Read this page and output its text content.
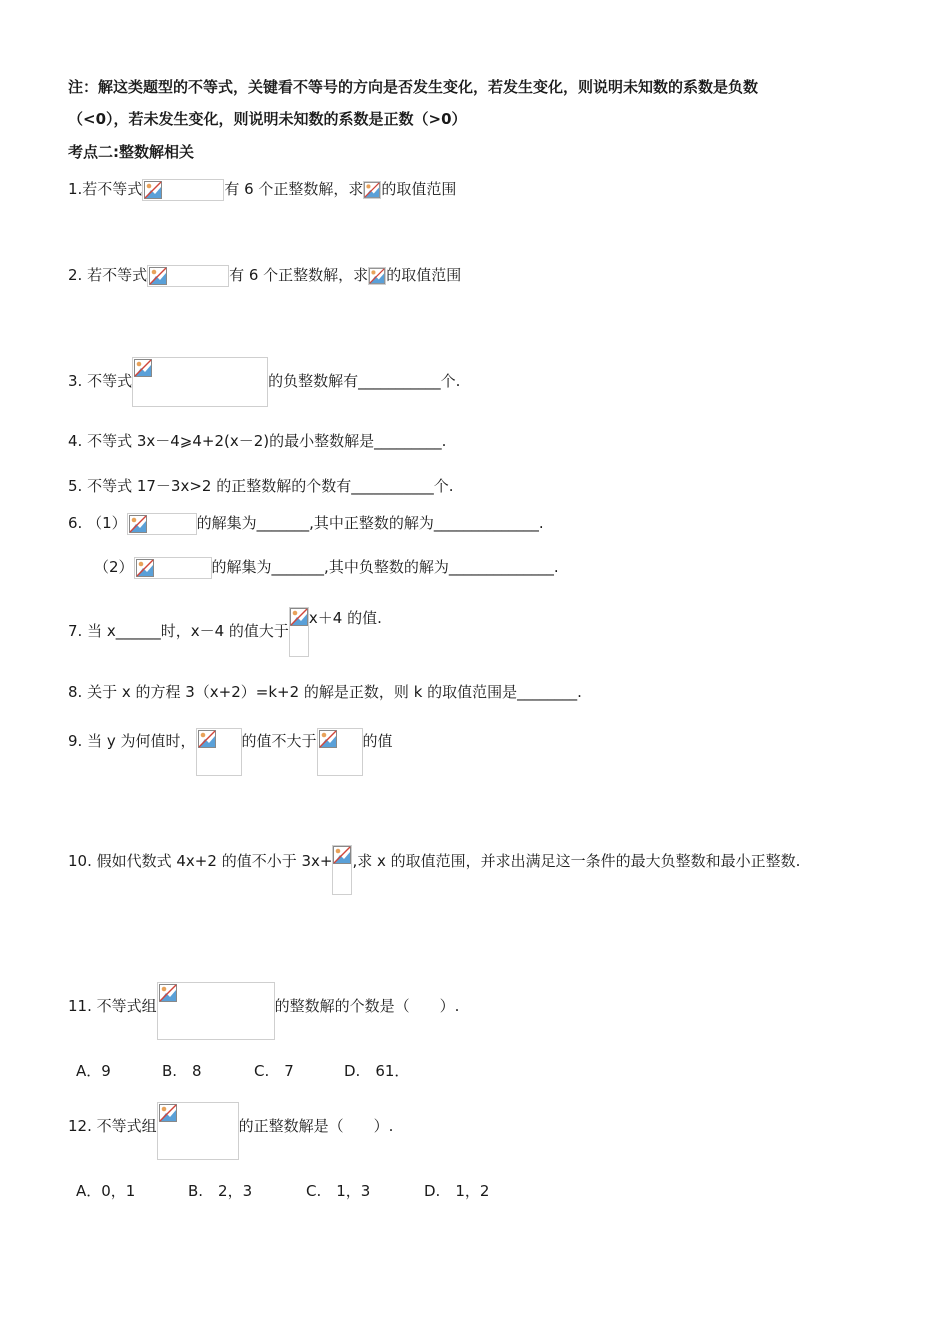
注：解这类题型的不等式，关键看不等号的方向是否发生变化，若发生变化，则说明未知数的系数是负数
（<0），若未发生变化，则说明未知数的系数是正数（>0）
考点二:整数解相关
1.若不等式	有 6 个正整数解，求 的取值范围
2. 若不等式	有 6 个正整数解，求 的取值范围
3. 不等式	的负整数解有___________个.
4. 不等式 3x－4⩾4+2(x－2)的最小整数解是_________.
5. 不等式 17－3x>2 的正整数解的个数有___________个.
6. （1）	的解集为_______,其中正整数的解为______________.
（2）	的解集为_______,其中负整数的解为______________.
7. 当 x______时，x－4 的值大于
x＋4 的值.
8. 关于 x 的方程 3（x+2）=k+2 的解是正数，则 k 的取值范围是________.
9. 当 y 为何值时，	的值不大于	的值
10. 假如代数式 4x+2 的值不小于 3x+ ,求 x 的取值范围，并求出满足这一条件的最大负整数和最小正整数.
11. 不等式组	的整数解的个数是（　　）.
A．9	B.　8	C.　7	D.　61．
12. 不等式组	的正整数解是（　　）.
A．0，1	B.　2，3	C.　1，3	D.　1，2
